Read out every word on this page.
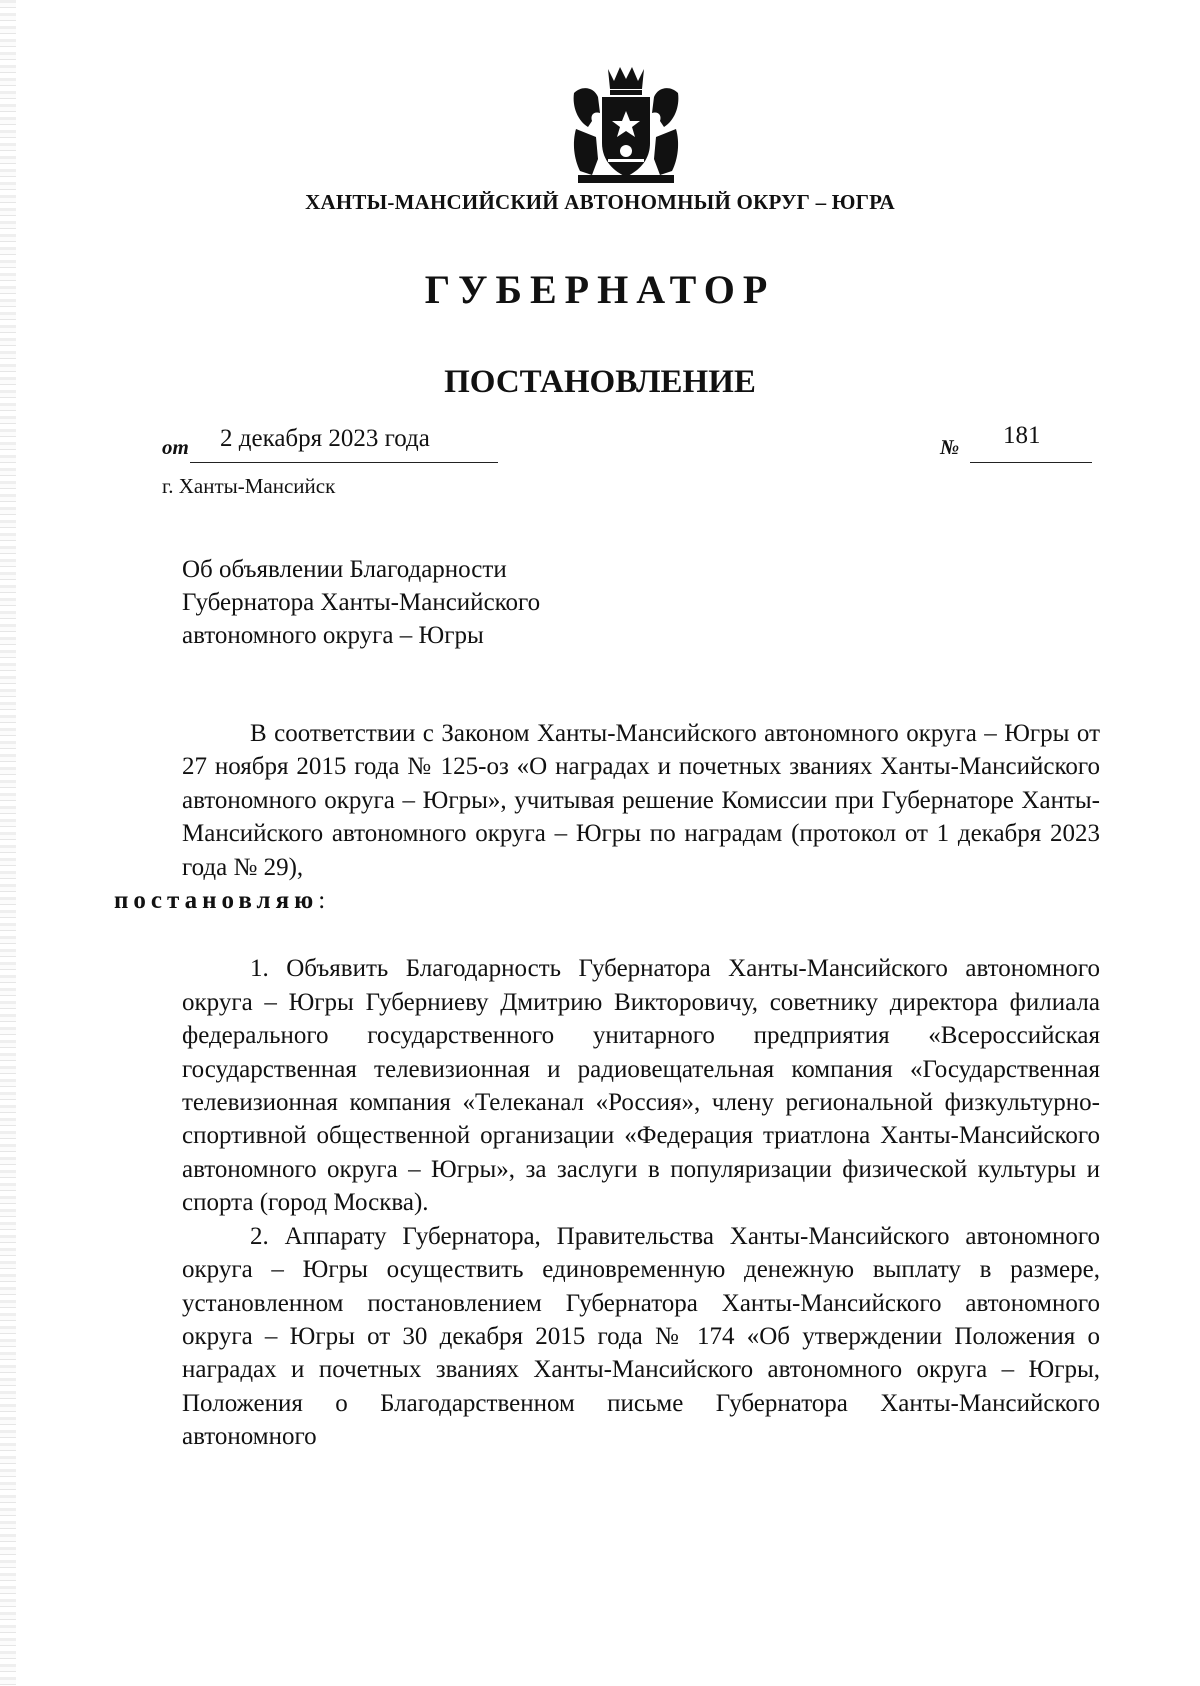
ХАНТЫ-МАНСИЙСКИЙ АВТОНОМНЫЙ ОКРУГ – ЮГРА
ГУБЕРНАТОР
ПОСТАНОВЛЕНИЕ
от 2 декабря 2023 года	№ 181
г. Ханты-Мансийск
Об объявлении Благодарности
Губернатора Ханты-Мансийского
автономного округа – Югры

В соответствии с Законом Ханты-Мансийского автономного округа – Югры от 27 ноября 2015 года № 125-оз «О наградах и почетных званиях Ханты-Мансийского автономного округа – Югры», учитывая решение Комиссии при Губернаторе Ханты-Мансийского автономного округа – Югры по наградам (протокол от 1 декабря 2023 года № 29),
постановляю:

1. Объявить Благодарность Губернатора Ханты-Мансийского автономного округа – Югры Губерниеву Дмитрию Викторовичу, советнику директора филиала федерального государственного унитарного предприятия «Всероссийская государственная телевизионная и радиовещательная компания «Государственная телевизионная компания «Телеканал «Россия», члену региональной физкультурно-спортивной общественной организации «Федерация триатлона Ханты-Мансийского автономного округа – Югры», за заслуги в популяризации физической культуры и спорта (город Москва).

2. Аппарату Губернатора, Правительства Ханты-Мансийского автономного округа – Югры осуществить единовременную денежную выплату в размере, установленном постановлением Губернатора Ханты-Мансийского автономного округа – Югры от 30 декабря 2015 года № 174 «Об утверждении Положения о наградах и почетных званиях Ханты-Мансийского автономного округа – Югры, Положения о Благодарственном письме Губернатора Ханты-Мансийского автономного
